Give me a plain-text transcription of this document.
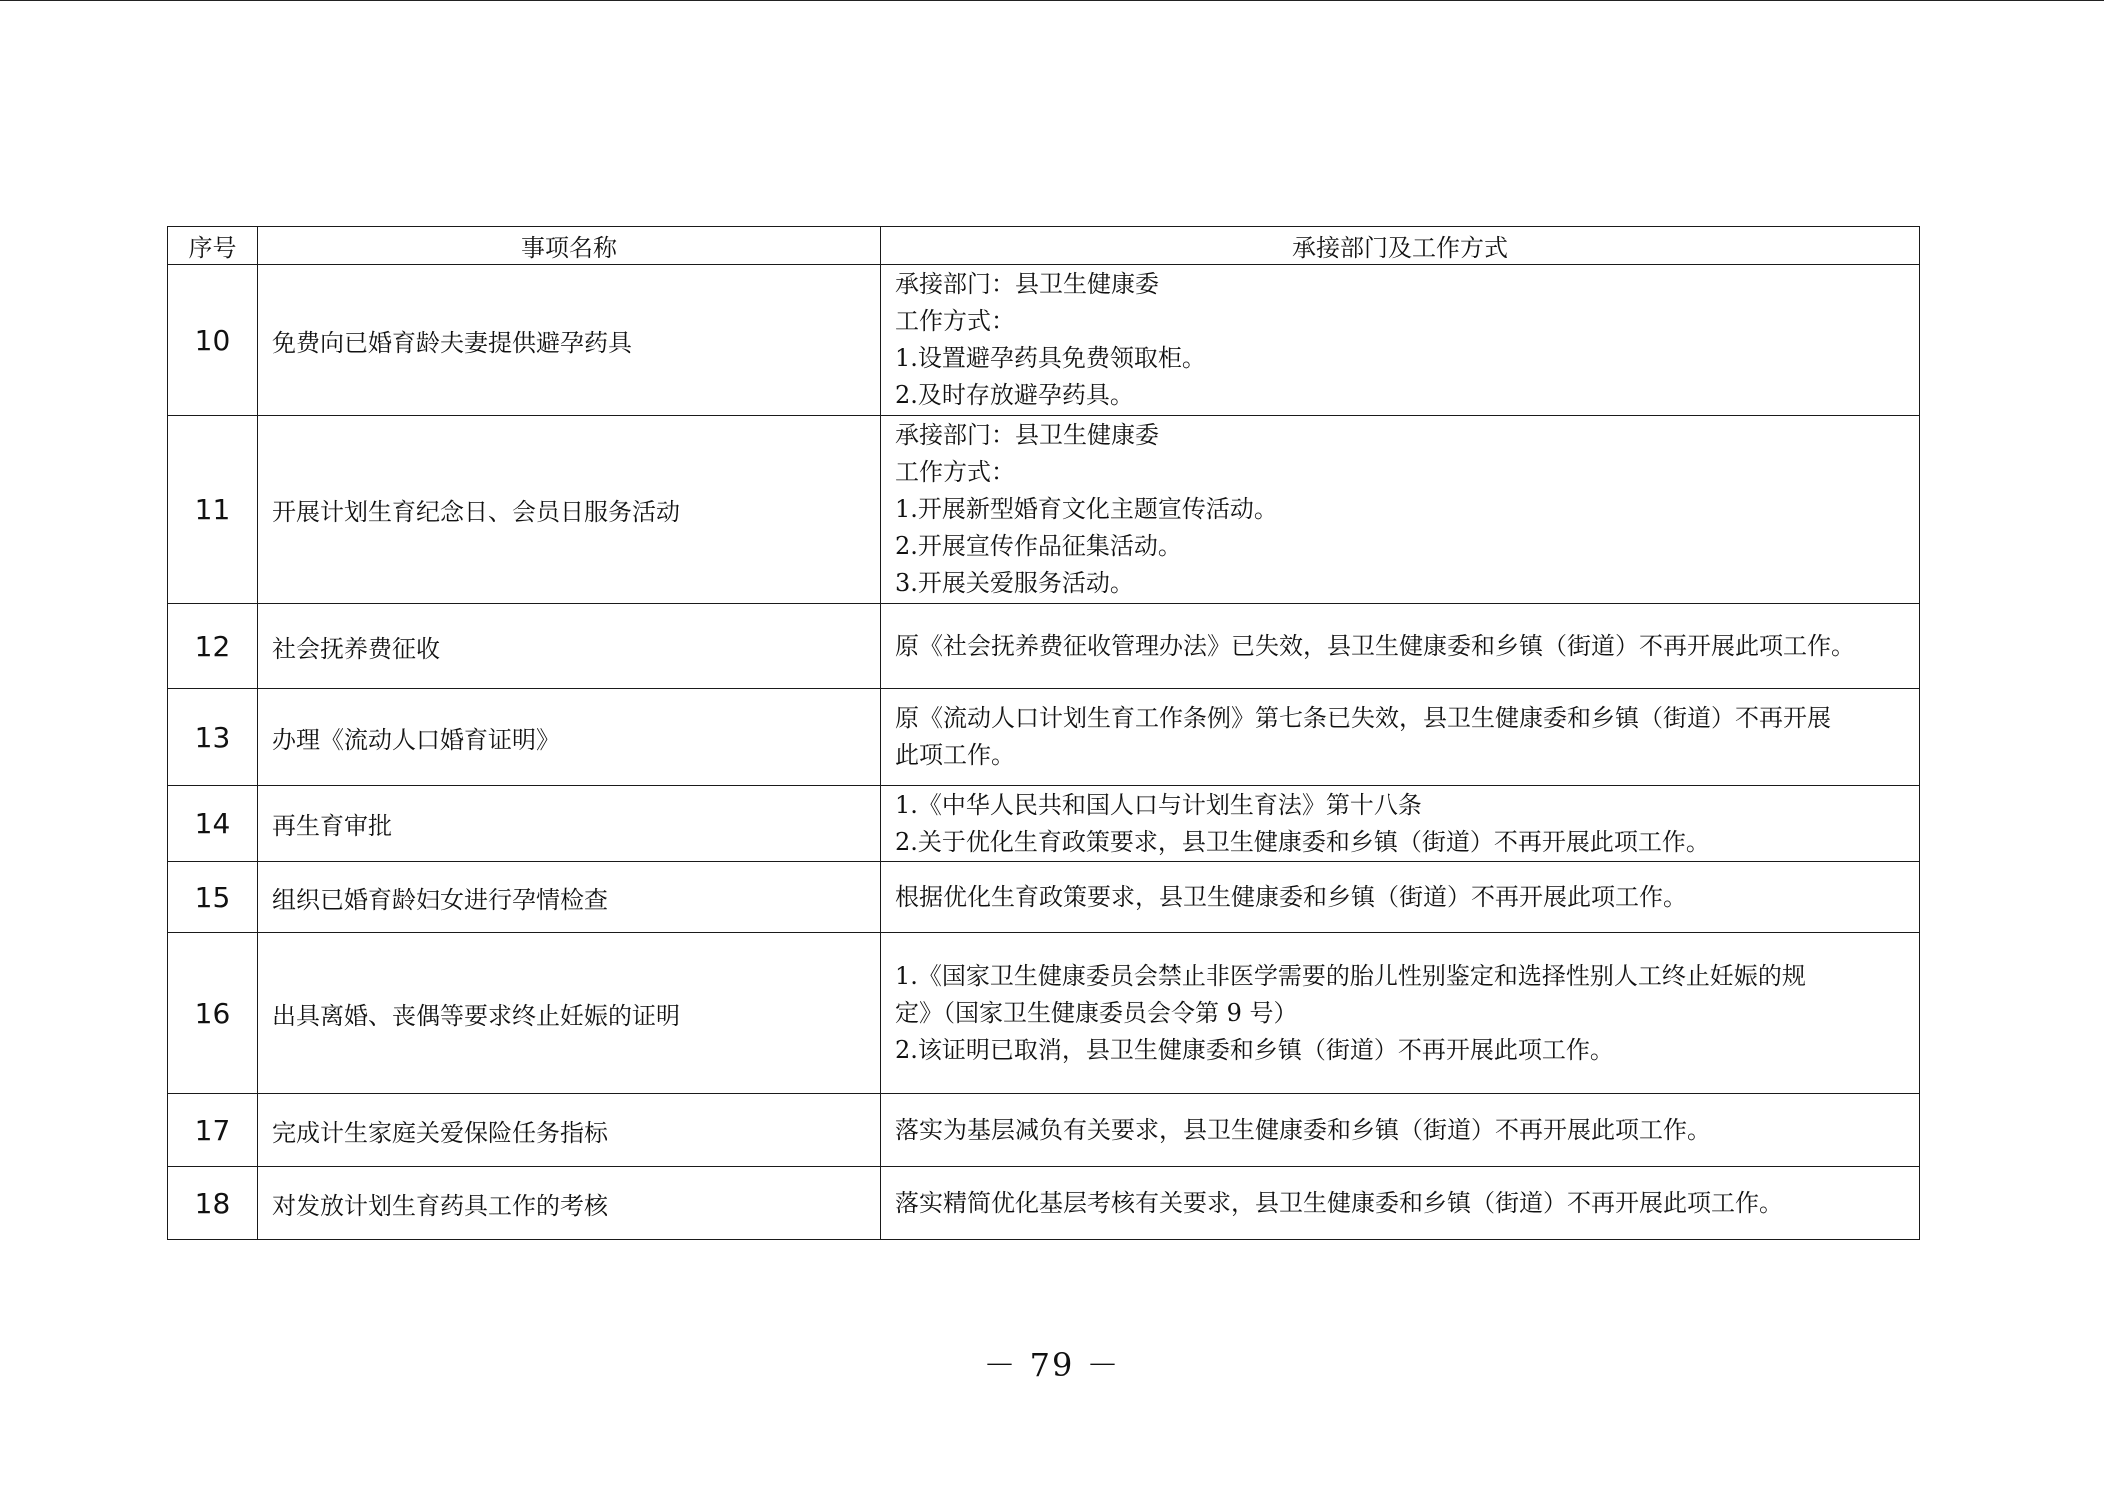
序号	事项名称	承接部门及工作方式
10	免费向已婚育龄夫妻提供避孕药具	承接部门：县卫生健康委
工作方式：
1.设置避孕药具免费领取柜。
2.及时存放避孕药具。

11	开展计划生育纪念日、会员日服务活动	承接部门：县卫生健康委
工作方式：
1.开展新型婚育文化主题宣传活动。
2.开展宣传作品征集活动。
3.开展关爱服务活动。

12	社会抚养费征收	原《社会抚养费征收管理办法》已失效，县卫生健康委和乡镇（街道）不再开展此项工作。

13	办理《流动人口婚育证明》	原《流动人口计划生育工作条例》第七条已失效，县卫生健康委和乡镇（街道）不再开展
此项工作。

14	再生育审批	1.《中华人民共和国人口与计划生育法》第十八条
2.关于优化生育政策要求，县卫生健康委和乡镇（街道）不再开展此项工作。

15	组织已婚育龄妇女进行孕情检查	根据优化生育政策要求，县卫生健康委和乡镇（街道）不再开展此项工作。

16	出具离婚、丧偶等要求终止妊娠的证明	1.《国家卫生健康委员会禁止非医学需要的胎儿性别鉴定和选择性别人工终止妊娠的规
定》（国家卫生健康委员会令第 9 号）
2.该证明已取消，县卫生健康委和乡镇（街道）不再开展此项工作。

17	完成计生家庭关爱保险任务指标	落实为基层减负有关要求，县卫生健康委和乡镇（街道）不再开展此项工作。

18	对发放计划生育药具工作的考核	落实精简优化基层考核有关要求，县卫生健康委和乡镇（街道）不再开展此项工作。
－ 79 －
